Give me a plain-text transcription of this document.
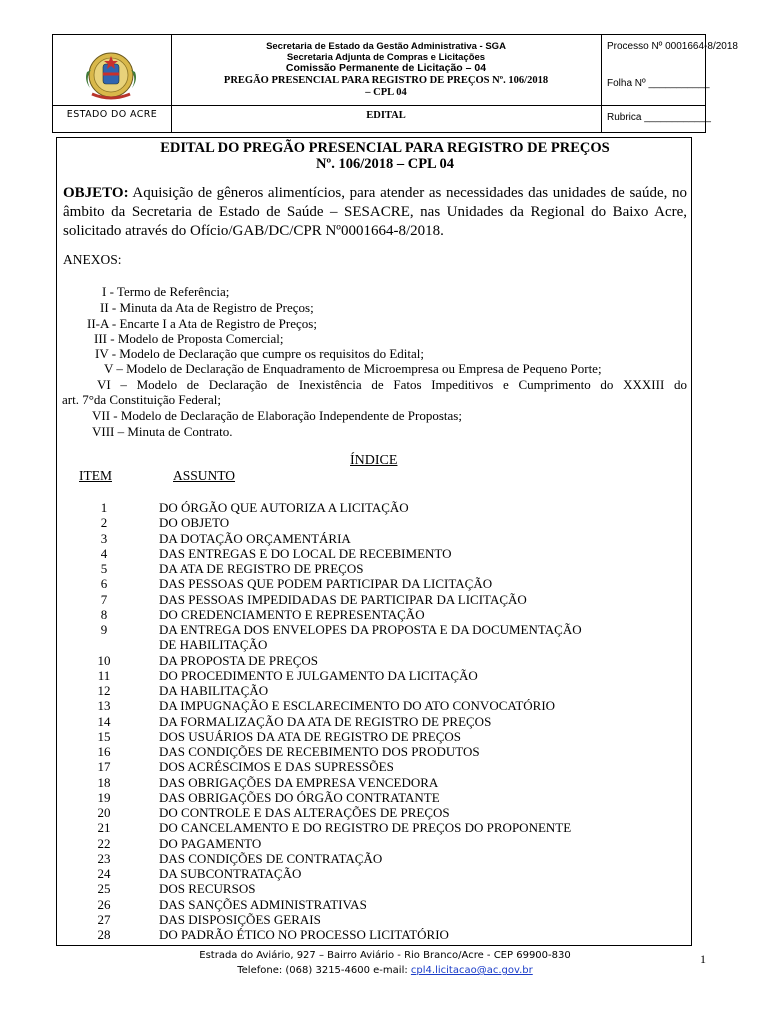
ESTADO DO ACRE
Secretaria de Estado da Gestão Administrativa - SGA
Secretaria Adjunta de Compras e Licitações
Comissão Permanente de Licitação – 04
PREGÃO PRESENCIAL PARA REGISTRO DE PREÇOS Nº. 106/2018
– CPL 04
EDITAL
Processo Nº 0001664-8/2018
Folha Nº ___________
Rubrica ____________
EDITAL DO PREGÃO PRESENCIAL PARA REGISTRO DE PREÇOS
Nº. 106/2018 – CPL 04
OBJETO: Aquisição de gêneros alimentícios, para atender as necessidades das unidades de saúde, no âmbito da Secretaria de Estado de Saúde – SESACRE, nas Unidades da Regional do Baixo Acre, solicitado através do Ofício/GAB/DC/CPR Nº0001664-8/2018.
ANEXOS:
I - Termo de Referência;
II - Minuta da Ata de Registro de Preços;
II-A - Encarte I a Ata de Registro de Preços;
III - Modelo de Proposta Comercial;
IV - Modelo de Declaração que cumpre os requisitos do Edital;
V – Modelo de Declaração de Enquadramento de Microempresa ou Empresa de Pequeno Porte;
VI – Modelo de Declaração de Inexistência de Fatos Impeditivos e Cumprimento do XXXIII do
art. 7°da Constituição Federal;
VII - Modelo de Declaração de Elaboração Independente de Propostas;
VIII – Minuta de Contrato.
ÍNDICE
ITEM	ASSUNTO
1	DO ÓRGÃO QUE AUTORIZA A LICITAÇÃO
2	DO OBJETO
3	DA DOTAÇÃO ORÇAMENTÁRIA
4	DAS ENTREGAS E DO LOCAL DE RECEBIMENTO
5	DA ATA DE REGISTRO DE PREÇOS
6	DAS PESSOAS QUE PODEM PARTICIPAR DA LICITAÇÃO
7	DAS PESSOAS IMPEDIDADAS DE PARTICIPAR DA LICITAÇÃO
8	DO CREDENCIAMENTO E REPRESENTAÇÃO
9	DA ENTREGA DOS ENVELOPES DA PROPOSTA E DA DOCUMENTAÇÃO
DE HABILITAÇÃO
10	DA PROPOSTA DE PREÇOS
11	DO PROCEDIMENTO E JULGAMENTO DA LICITAÇÃO
12	DA HABILITAÇÃO
13	DA IMPUGNAÇÃO E ESCLARECIMENTO DO ATO CONVOCATÓRIO
14	DA FORMALIZAÇÃO DA ATA DE REGISTRO DE PREÇOS
15	DOS USUÁRIOS DA ATA DE REGISTRO DE PREÇOS
16	DAS CONDIÇÕES DE RECEBIMENTO DOS PRODUTOS
17	DOS ACRÉSCIMOS E DAS SUPRESSÕES
18	DAS OBRIGAÇÕES DA EMPRESA VENCEDORA
19	DAS OBRIGAÇÕES DO ÓRGÃO CONTRATANTE
20	DO CONTROLE E DAS ALTERAÇÕES DE PREÇOS
21	DO CANCELAMENTO E DO REGISTRO DE PREÇOS DO PROPONENTE
22	DO PAGAMENTO
23	DAS CONDIÇÕES DE CONTRATAÇÃO
24	DA SUBCONTRATAÇÃO
25	DOS RECURSOS
26	DAS SANÇÕES ADMINISTRATIVAS
27	DAS DISPOSIÇÕES GERAIS
28	DO PADRÃO ÉTICO NO PROCESSO LICITATÓRIO
Estrada do Aviário, 927 – Bairro Aviário - Rio Branco/Acre - CEP 69900-830
Telefone: (068) 3215-4600 e-mail: cpl4.licitacao@ac.gov.br
1
